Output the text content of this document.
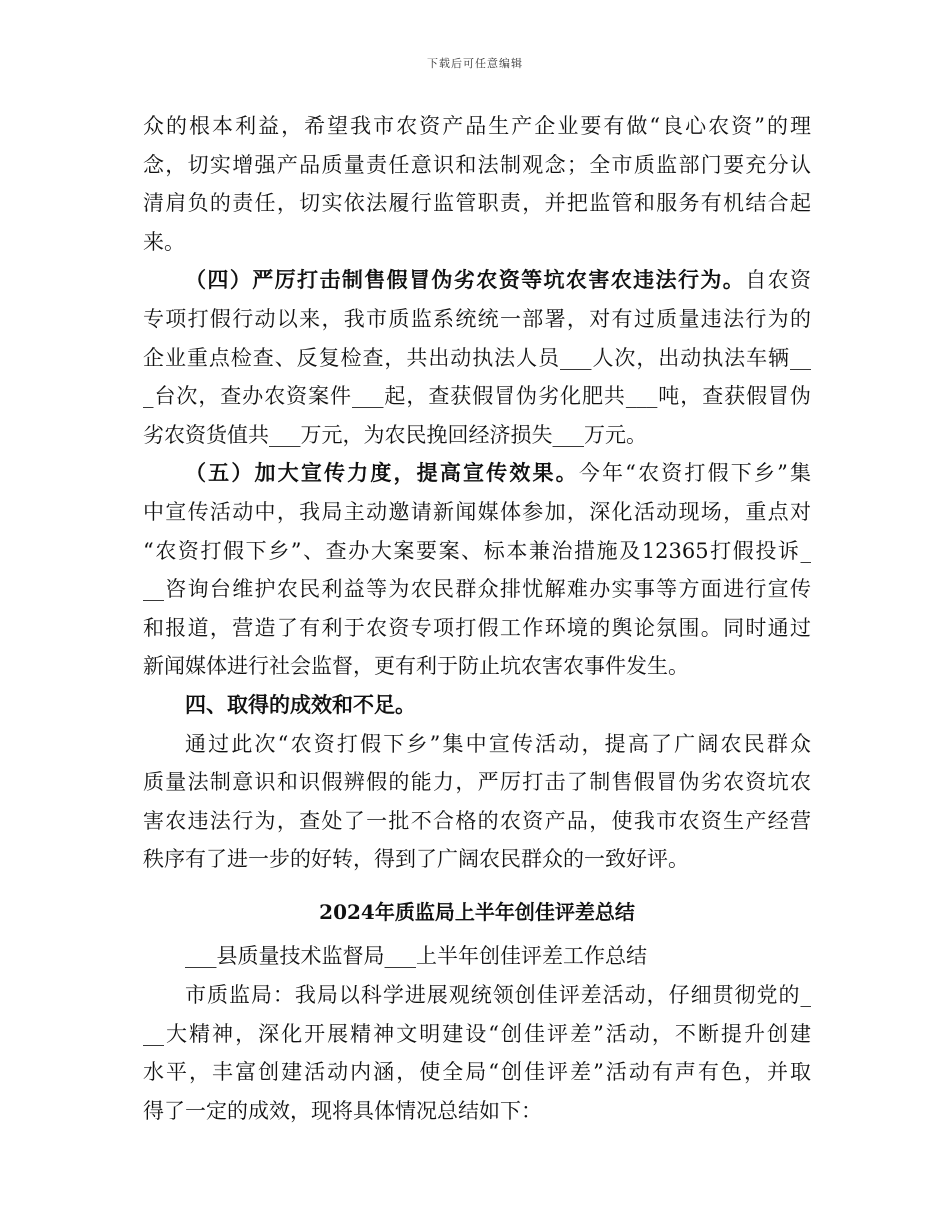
下载后可任意编辑
众的根本利益，希望我市农资产品生产企业要有做“良心农资”的理
念，切实增强产品质量责任意识和法制观念；全市质监部门要充分认
清肩负的责任，切实依法履行监管职责，并把监管和服务有机结合起
来。
（四）严厉打击制售假冒伪劣农资等坑农害农违法行为。自农资
专项打假行动以来，我市质监系统统一部署，对有过质量违法行为的
企业重点检查、反复检查，共出动执法人员___人次，出动执法车辆__
_台次，查办农资案件___起，查获假冒伪劣化肥共___吨，查获假冒伪
劣农资货值共___万元，为农民挽回经济损失___万元。
（五）加大宣传力度，提高宣传效果。今年“农资打假下乡”集
中宣传活动中，我局主动邀请新闻媒体参加，深化活动现场，重点对
“农资打假下乡”、查办大案要案、标本兼治措施及12365打假投诉_
__咨询台维护农民利益等为农民群众排忧解难办实事等方面进行宣传
和报道，营造了有利于农资专项打假工作环境的舆论氛围。同时通过
新闻媒体进行社会监督，更有利于防止坑农害农事件发生。
四、取得的成效和不足。
通过此次“农资打假下乡”集中宣传活动，提高了广阔农民群众
质量法制意识和识假辨假的能力，严厉打击了制售假冒伪劣农资坑农
害农违法行为，查处了一批不合格的农资产品，使我市农资生产经营
秩序有了进一步的好转，得到了广阔农民群众的一致好评。
2024年质监局上半年创佳评差总结
___县质量技术监督局___上半年创佳评差工作总结
市质监局：我局以科学进展观统领创佳评差活动，仔细贯彻党的_
__大精神，深化开展精神文明建设“创佳评差”活动，不断提升创建
水平，丰富创建活动内涵，使全局“创佳评差”活动有声有色，并取
得了一定的成效，现将具体情况总结如下：
